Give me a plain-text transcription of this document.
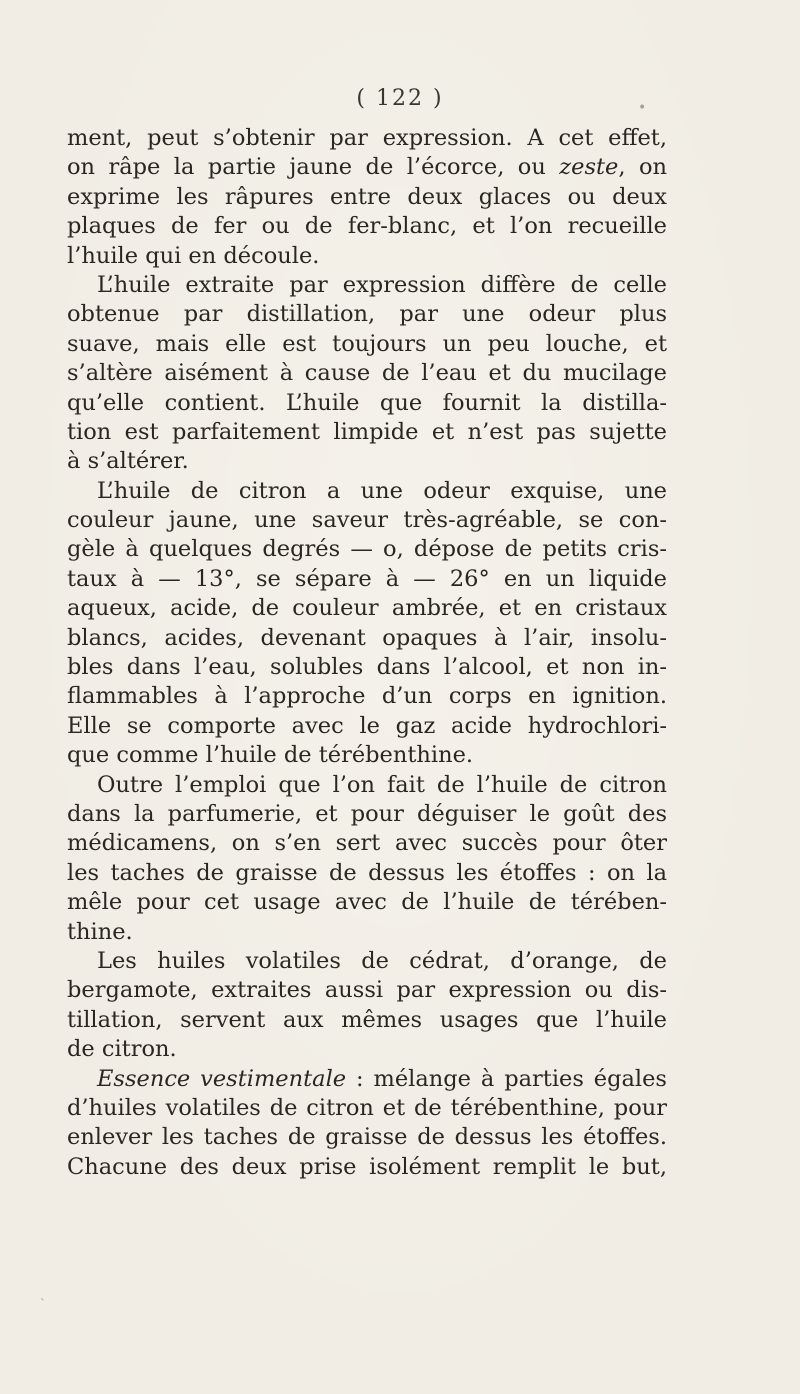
( 122 )
ment, peut s’obtenir par expression. A cet effet,
on râpe la partie jaune de l’écorce, ou zeste, on
exprime les râpures entre deux glaces ou deux
plaques de fer ou de fer-blanc, et l’on recueille
l’huile qui en découle.
L’huile extraite par expression diffère de celle
obtenue par distillation, par une odeur plus
suave, mais elle est toujours un peu louche, et
s’altère aisément à cause de l’eau et du mucilage
qu’elle contient. L’huile que fournit la distilla-
tion est parfaitement limpide et n’est pas sujette
à s’altérer.
L’huile de citron a une odeur exquise, une
couleur jaune, une saveur très-agréable, se con-
gèle à quelques degrés — o, dépose de petits cris-
taux à — 13°, se sépare à — 26° en un liquide
aqueux, acide, de couleur ambrée, et en cristaux
blancs, acides, devenant opaques à l’air, insolu-
bles dans l’eau, solubles dans l’alcool, et non in-
flammables à l’approche d’un corps en ignition.
Elle se comporte avec le gaz acide hydrochlori-
que comme l’huile de térébenthine.
Outre l’emploi que l’on fait de l’huile de citron
dans la parfumerie, et pour déguiser le goût des
médicamens, on s’en sert avec succès pour ôter
les taches de graisse de dessus les étoffes : on la
mêle pour cet usage avec de l’huile de térében-
thine.
Les huiles volatiles de cédrat, d’orange, de
bergamote, extraites aussi par expression ou dis-
tillation, servent aux mêmes usages que l’huile
de citron.
Essence vestimentale : mélange à parties égales
d’huiles volatiles de citron et de térébenthine, pour
enlever les taches de graisse de dessus les étoffes.
Chacune des deux prise isolément remplit le but,
•
˴
